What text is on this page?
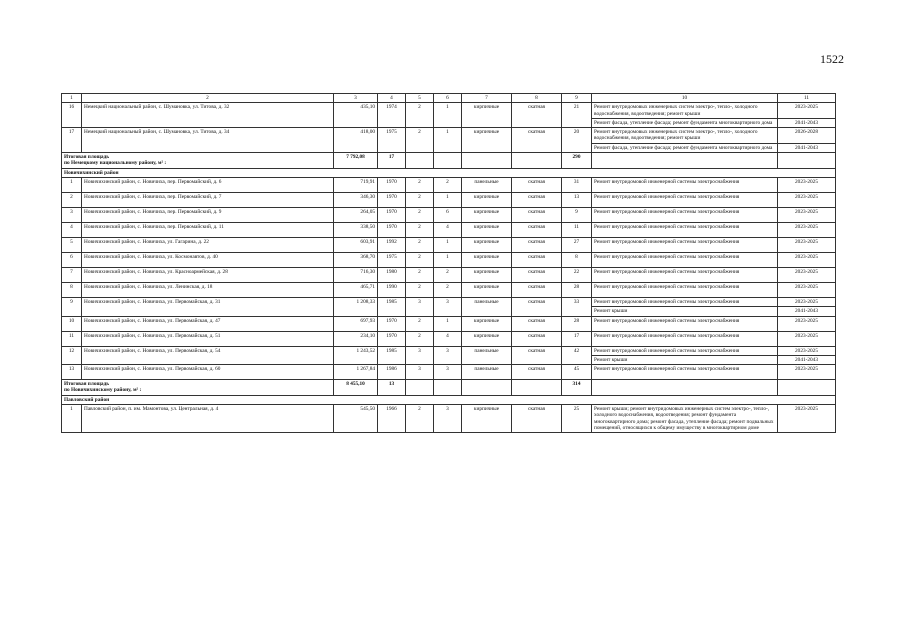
1522
1	2	3	4	5	6	7	8	9	10	11
16	Немецкий национальный район, с. Шумановка, ул. Титова, д. 32	435,10	1974	2	1	кирпичные	скатная	21	Ремонт внутридомовых инженерных систем электро-, тепло-, холодного водоснабжения, водоотведения; ремонт крыши	2023-2025
									Ремонт фасада, утепление фасада; ремонт фундамента многоквартирного дома	2041-2043
17	Немецкий национальный район, с. Шумановка, ул. Титова, д. 34	418,00	1975	2	1	кирпичные	скатная	20	Ремонт внутридомовых инженерных систем электро-, тепло-, холодного водоснабжения, водоотведения; ремонт крыши	2026-2028
									Ремонт фасада, утепление фасада; ремонт фундамента многоквартирного дома	2041-2043
Итоговая площадь
по Немецкому национальному району, м² :		7 792,08	17					290		
Новичихинский район										
1	Новичихинский район, с. Новичиха, пер. Первомайский, д. 6	719,91	1970	2	2	панельные	скатная	31	Ремонт внутридомовой инженерной системы электроснабжения	2023-2025
2	Новичихинский район, с. Новичиха, пер. Первомайский, д. 7	346,30	1970	2	1	кирпичные	скатная	13	Ремонт внутридомовой инженерной системы электроснабжения	2023-2025
3	Новичихинский район, с. Новичиха, пер. Первомайский, д. 9	264,05	1970	2	6	кирпичные	скатная	9	Ремонт внутридомовой инженерной системы электроснабжения	2023-2025
4	Новичихинский район, с. Новичиха, пер. Первомайский, д. 11	338,50	1970	2	4	кирпичные	скатная	11	Ремонт внутридомовой инженерной системы электроснабжения	2023-2025
5	Новичихинский район, с. Новичиха, ул. Гагарина, д. 22	603,91	1992	2	1	кирпичные	скатная	27	Ремонт внутридомовой инженерной системы электроснабжения	2023-2025
6	Новичихинский район, с. Новичиха, ул. Космонавтов, д. 40	368,70	1975	2	1	кирпичные	скатная	8	Ремонт внутридомовой инженерной системы электроснабжения	2023-2025
7	Новичихинский район, с. Новичиха, ул. Красноармейская, д. 28	716,30	1980	2	2	кирпичные	скатная	22	Ремонт внутридомовой инженерной системы электроснабжения	2023-2025
8	Новичихинский район, с. Новичиха, ул. Ленинская, д. 18	465,71	1990	2	2	кирпичные	скатная	28	Ремонт внутридомовой инженерной системы электроснабжения	2023-2025
9	Новичихинский район, с. Новичиха, ул. Первомайская, д. 31	1 208,33	1985	3	3	панельные	скатная	33	Ремонт внутридомовой инженерной системы электроснабжения	2023-2025
									Ремонт крыши	2041-2043
10	Новичихинский район, с. Новичиха, ул. Первомайская, д. 47	697,93	1970	2	1	кирпичные	скатная	28	Ремонт внутридомовой инженерной системы электроснабжения	2023-2025
11	Новичихинский район, с. Новичиха, ул. Первомайская, д. 51	234,10	1970	2	4	кирпичные	скатная	17	Ремонт внутридомовой инженерной системы электроснабжения	2023-2025
12	Новичихинский район, с. Новичиха, ул. Первомайская, д. 54	1 243,52	1985	3	3	панельные	скатная	42	Ремонт внутридомовой инженерной системы электроснабжения	2023-2025
									Ремонт крыши	2041-2043
13	Новичихинский район, с. Новичиха, ул. Первомайская, д. 60	1 267,84	1986	3	3	панельные	скатная	45	Ремонт внутридомовой инженерной системы электроснабжения	2023-2025
Итоговая площадь
по Новичихинскому району, м² :		8 455,10	13					314		
Павловский район										
1	Павловский район, п. им. Мамонтова, ул. Центральная, д. 4	545,50	1966	2	3	кирпичные	скатная	25	Ремонт крыши; ремонт внутридомовых инженерных систем электро-, тепло-, холодного водоснабжения, водоотведения; ремонт фундамента многоквартирного дома; ремонт фасада, утепление фасада; ремонт подвальных помещений, относящихся к общему имуществу в многоквартирном доме	2023-2025
